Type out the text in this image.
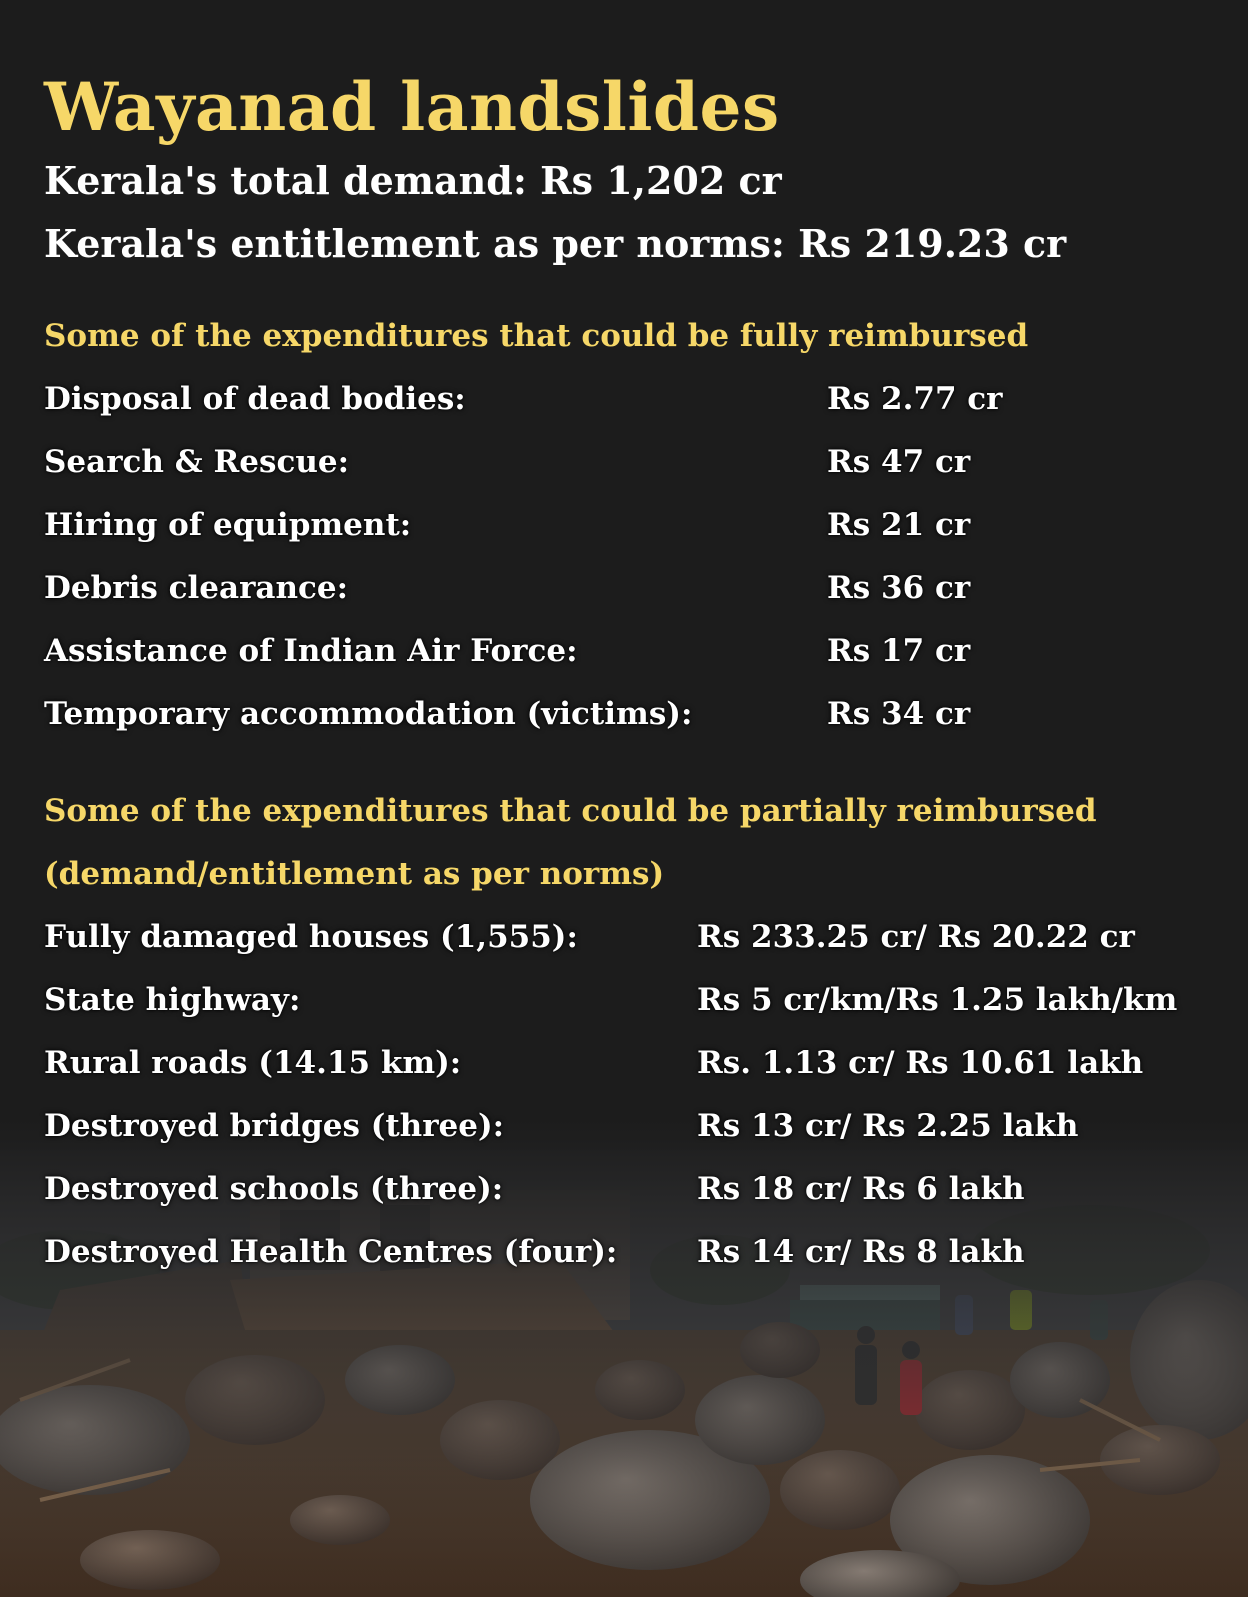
Wayanad landslides
Kerala's total demand: Rs 1,202 cr
Kerala's entitlement as per norms: Rs 219.23 cr
Some of the expenditures that could be fully reimbursed
Disposal of dead bodies:	Rs 2.77 cr
Search & Rescue:	Rs 47 cr
Hiring of equipment:	Rs 21 cr
Debris clearance:	Rs 36 cr
Assistance of Indian Air Force:	Rs 17 cr
Temporary accommodation (victims):	Rs 34 cr
Some of the expenditures that could be partially reimbursed
(demand/entitlement as per norms)
Fully damaged houses (1,555):	Rs 233.25 cr/ Rs 20.22 cr
State highway:	Rs 5 cr/km/Rs 1.25 lakh/km
Rural roads (14.15 km):	Rs. 1.13 cr/ Rs 10.61 lakh
Destroyed bridges (three):	Rs 13 cr/ Rs 2.25 lakh
Destroyed schools (three):	Rs 18 cr/ Rs 6 lakh
Destroyed Health Centres (four):	Rs 14 cr/ Rs 8 lakh
